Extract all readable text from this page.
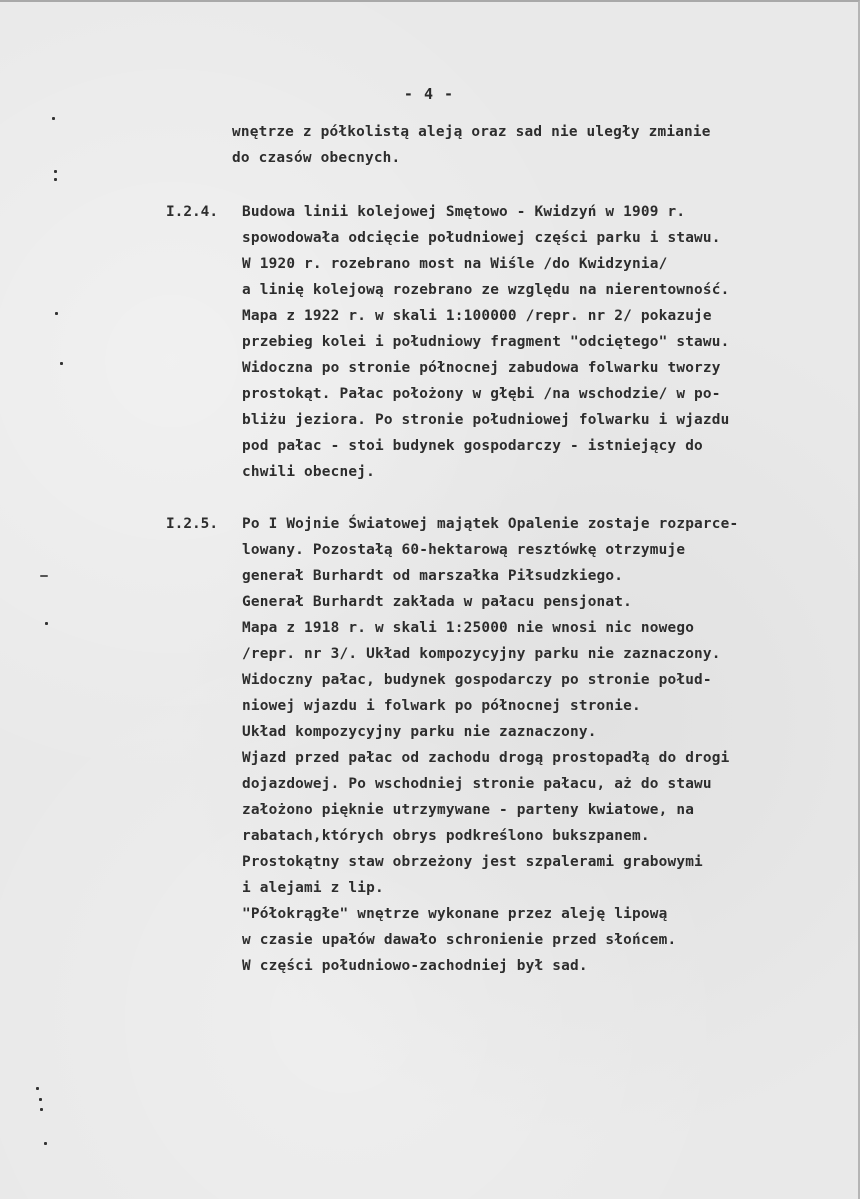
- 4 -
wnętrze z półkolistą aleją oraz sad nie uległy zmianie
do czasów obecnych.
I.2.4. Budowa linii kolejowej Smętowo - Kwidzyń w 1909 r.
spowodowała odcięcie południowej części parku i stawu.
W 1920 r. rozebrano most na Wiśle /do Kwidzynia/
a linię kolejową rozebrano ze względu na nierentowność.
Mapa z 1922 r. w skali 1:100000 /repr. nr 2/ pokazuje
przebieg kolei i południowy fragment "odciętego" stawu.
Widoczna po stronie północnej zabudowa folwarku tworzy
prostokąt. Pałac położony w głębi /na wschodzie/ w po-
bliżu jeziora. Po stronie południowej folwarku i wjazdu
pod pałac - stoi budynek gospodarczy - istniejący do
chwili obecnej.
I.2.5. Po I Wojnie Światowej majątek Opalenie zostaje rozparce-
lowany. Pozostałą 60-hektarową resztówkę otrzymuje
generał Burhardt od marszałka Piłsudzkiego.
Generał Burhardt zakłada w pałacu pensjonat.
Mapa z 1918 r. w skali 1:25000 nie wnosi nic nowego
/repr. nr 3/. Układ kompozycyjny parku nie zaznaczony.
Widoczny pałac, budynek gospodarczy po stronie połud-
niowej wjazdu i folwark po północnej stronie.
Układ kompozycyjny parku nie zaznaczony.
Wjazd przed pałac od zachodu drogą prostopadłą do drogi
dojazdowej. Po wschodniej stronie pałacu, aż do stawu
założono pięknie utrzymywane - parteny kwiatowe, na
rabatach,których obrys podkreślono bukszpanem.
Prostokątny staw obrzeżony jest szpalerami grabowymi
i alejami z lip.
"Półokrągłe" wnętrze wykonane przez aleję lipową
w czasie upałów dawało schronienie przed słońcem.
W części południowo-zachodniej był sad.
